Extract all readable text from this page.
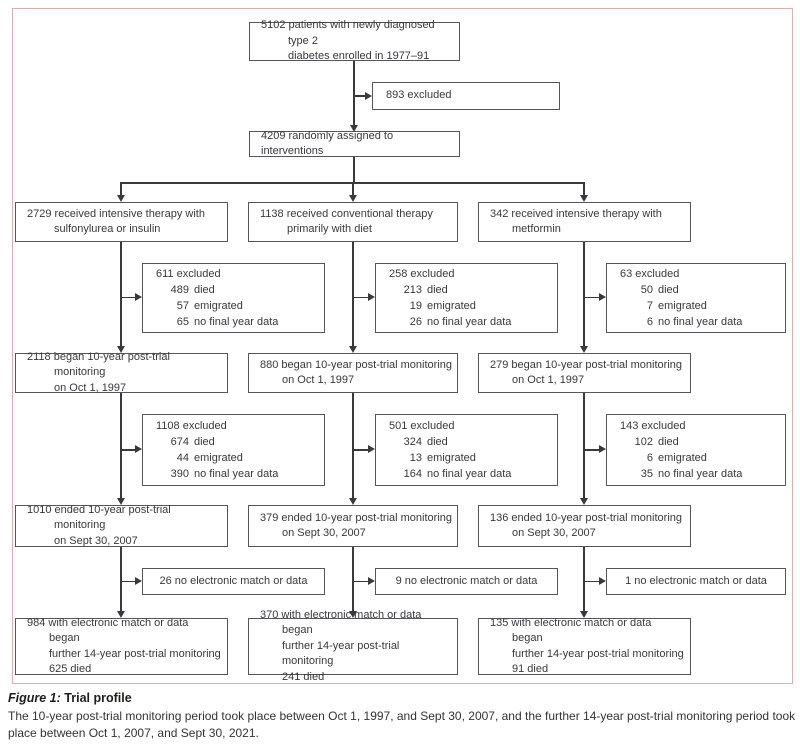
5102 patients with newly diagnosed type 2
diabetes enrolled in 1977–91
893 excluded
4209 randomly assigned to interventions
2729 received intensive therapy with
sulfonylurea or insulin
1138 received conventional therapy
primarily with diet
342 received intensive therapy with
metformin
611 excluded
489 died
57 emigrated
65 no final year data
258 excluded
213 died
19 emigrated
26 no final year data
63 excluded
50 died
7 emigrated
6 no final year data
2118 began 10-year post-trial monitoring
on Oct 1, 1997
880 began 10-year post-trial monitoring
on Oct 1, 1997
279 began 10-year post-trial monitoring
on Oct 1, 1997
1108 excluded
674 died
44 emigrated
390 no final year data
501 excluded
324 died
13 emigrated
164 no final year data
143 excluded
102 died
6 emigrated
35 no final year data
1010 ended 10-year post-trial monitoring
on Sept 30, 2007
379 ended 10-year post-trial monitoring
on Sept 30, 2007
136 ended 10-year post-trial monitoring
on Sept 30, 2007
26 no electronic match or data	9 no electronic match or data	1 no electronic match or data
984 with electronic match or data began
further 14-year post-trial monitoring
625 died
370 with electronic match or data began
further 14-year post-trial monitoring
241 died
135 with electronic match or data began
further 14-year post-trial monitoring
91 died
Figure 1: Trial profile
The 10-year post-trial monitoring period took place between Oct 1, 1997, and Sept 30, 2007, and the further 14-year post-trial monitoring period took place between Oct 1, 2007, and Sept 30, 2021.
